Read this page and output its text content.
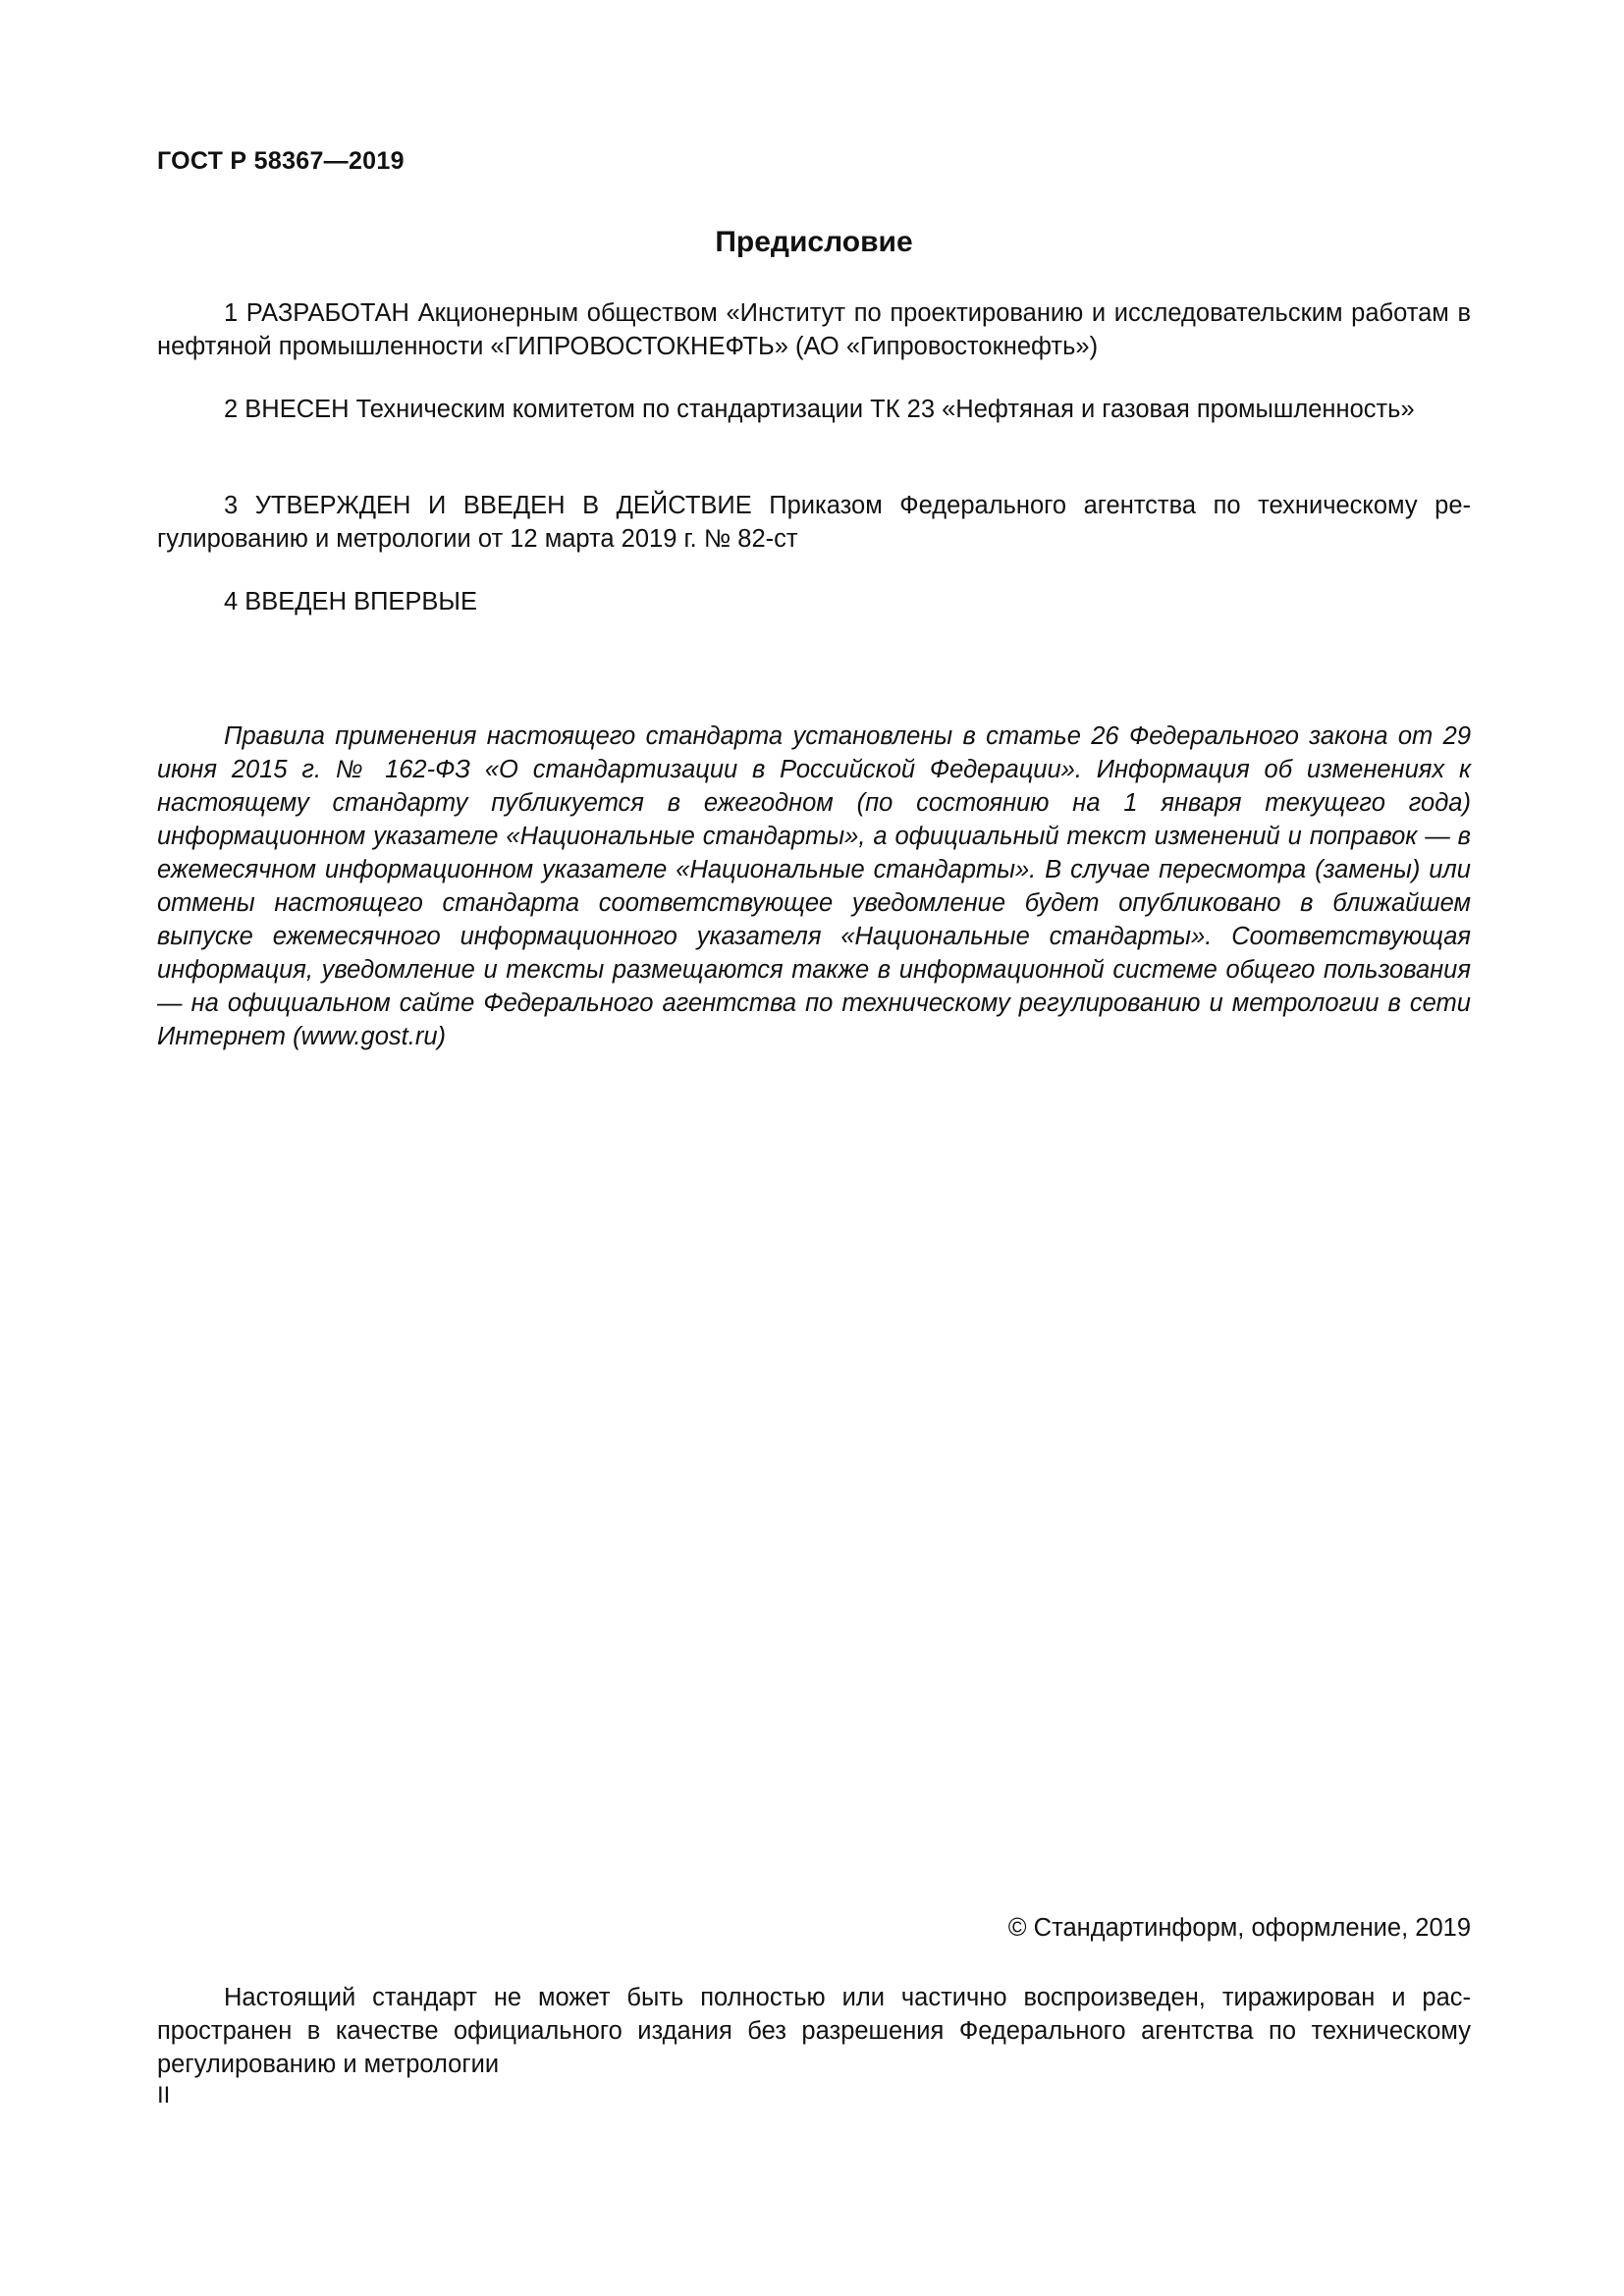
ГОСТ Р 58367—2019
Предисловие

1 РАЗРАБОТАН Акционерным обществом «Институт по проектированию и исследовательским работам в нефтяной промышленности «ГИПРОВОСТОКНЕФТЬ» (АО «Гипровостокнефть»)

2 ВНЕСЕН Техническим комитетом по стандартизации ТК 23 «Нефтяная и газовая промышленность»

3 УТВЕРЖДЕН И ВВЕДЕН В ДЕЙСТВИЕ Приказом Федерального агентства по техническому регулированию и метрологии от 12 марта 2019 г. № 82-ст

4 ВВЕДЕН ВПЕРВЫЕ

Правила применения настоящего стандарта установлены в статье 26 Федерального закона от 29 июня 2015 г. № 162-ФЗ «О стандартизации в Российской Федерации». Информация об изменениях к настоящему стандарту публикуется в ежегодном (по состоянию на 1 января текущего года) информационном указателе «Национальные стандарты», а официальный текст изменений и поправок — в ежемесячном информационном указателе «Национальные стандарты». В случае пересмотра (замены) или отмены настоящего стандарта соответствующее уведомление будет опубликовано в ближайшем выпуске ежемесячного информационного указателя «Национальные стандарты». Соответствующая информация, уведомление и тексты размещаются также в информационной системе общего пользования — на официальном сайте Федерального агентства по техническому регулированию и метрологии в сети Интернет (www.gost.ru)

© Стандартинформ, оформление, 2019

Настоящий стандарт не может быть полностью или частично воспроизведен, тиражирован и распространен в качестве официального издания без разрешения Федерального агентства по техническому регулированию и метрологии

II
